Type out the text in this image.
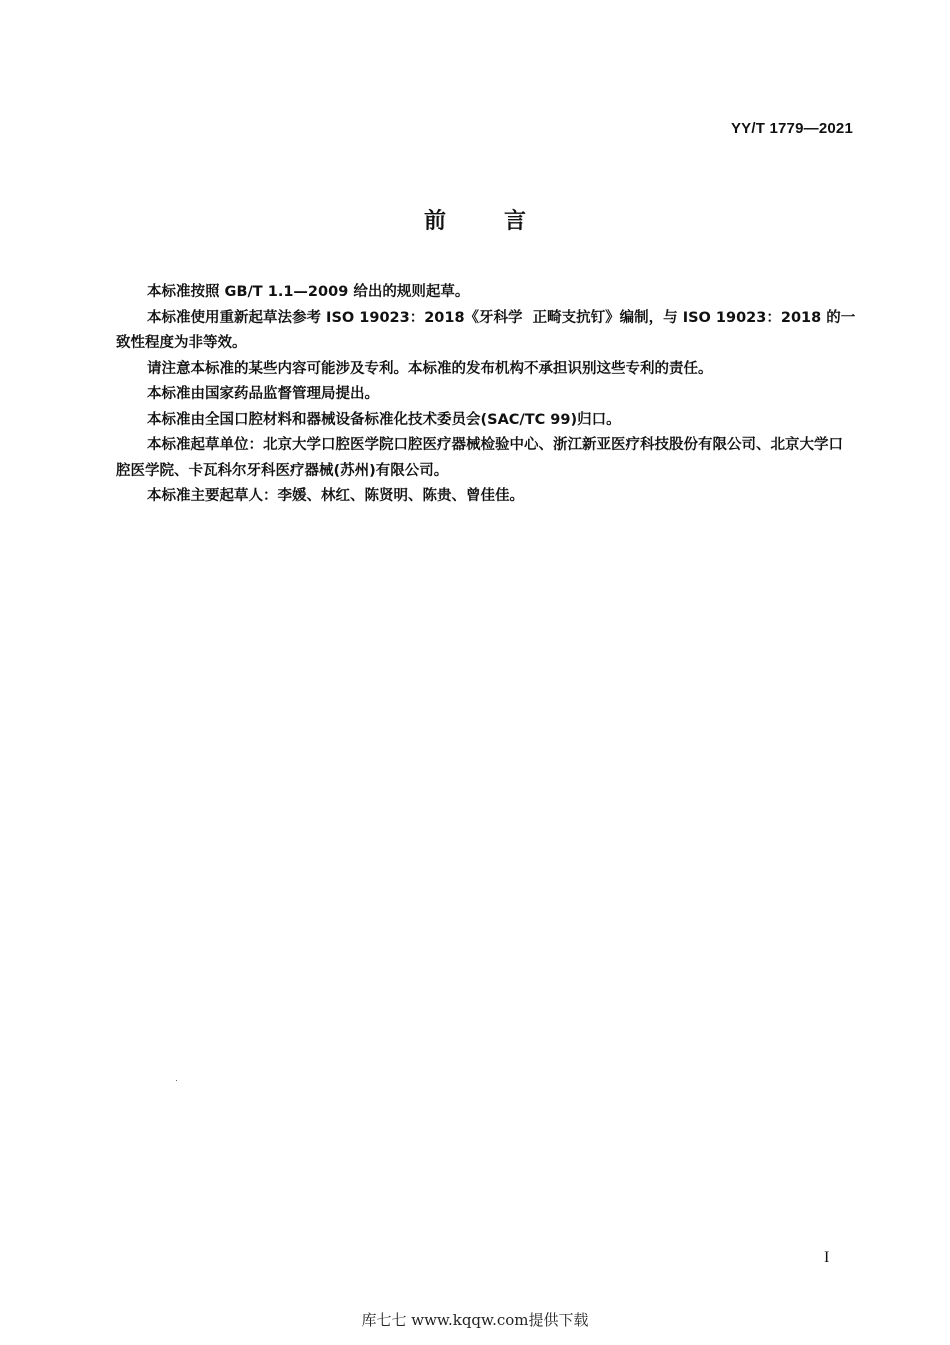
YY/T 1779—2021
前言

本标准按照 GB/T 1.1—2009 给出的规则起草。

本标准使用重新起草法参考 ISO 19023：2018《牙科学  正畸支抗钉》编制，与 ISO 19023：2018 的一致性程度为非等效。

请注意本标准的某些内容可能涉及专利。本标准的发布机构不承担识别这些专利的责任。

本标准由国家药品监督管理局提出。

本标准由全国口腔材料和器械设备标准化技术委员会(SAC/TC 99)归口。

本标准起草单位：北京大学口腔医学院口腔医疗器械检验中心、浙江新亚医疗科技股份有限公司、北京大学口腔医学院、卡瓦科尔牙科医疗器械(苏州)有限公司。

本标准主要起草人：李媛、林红、陈贤明、陈贵、曾佳佳。

I
库七七 www.kqqw.com提供下载
